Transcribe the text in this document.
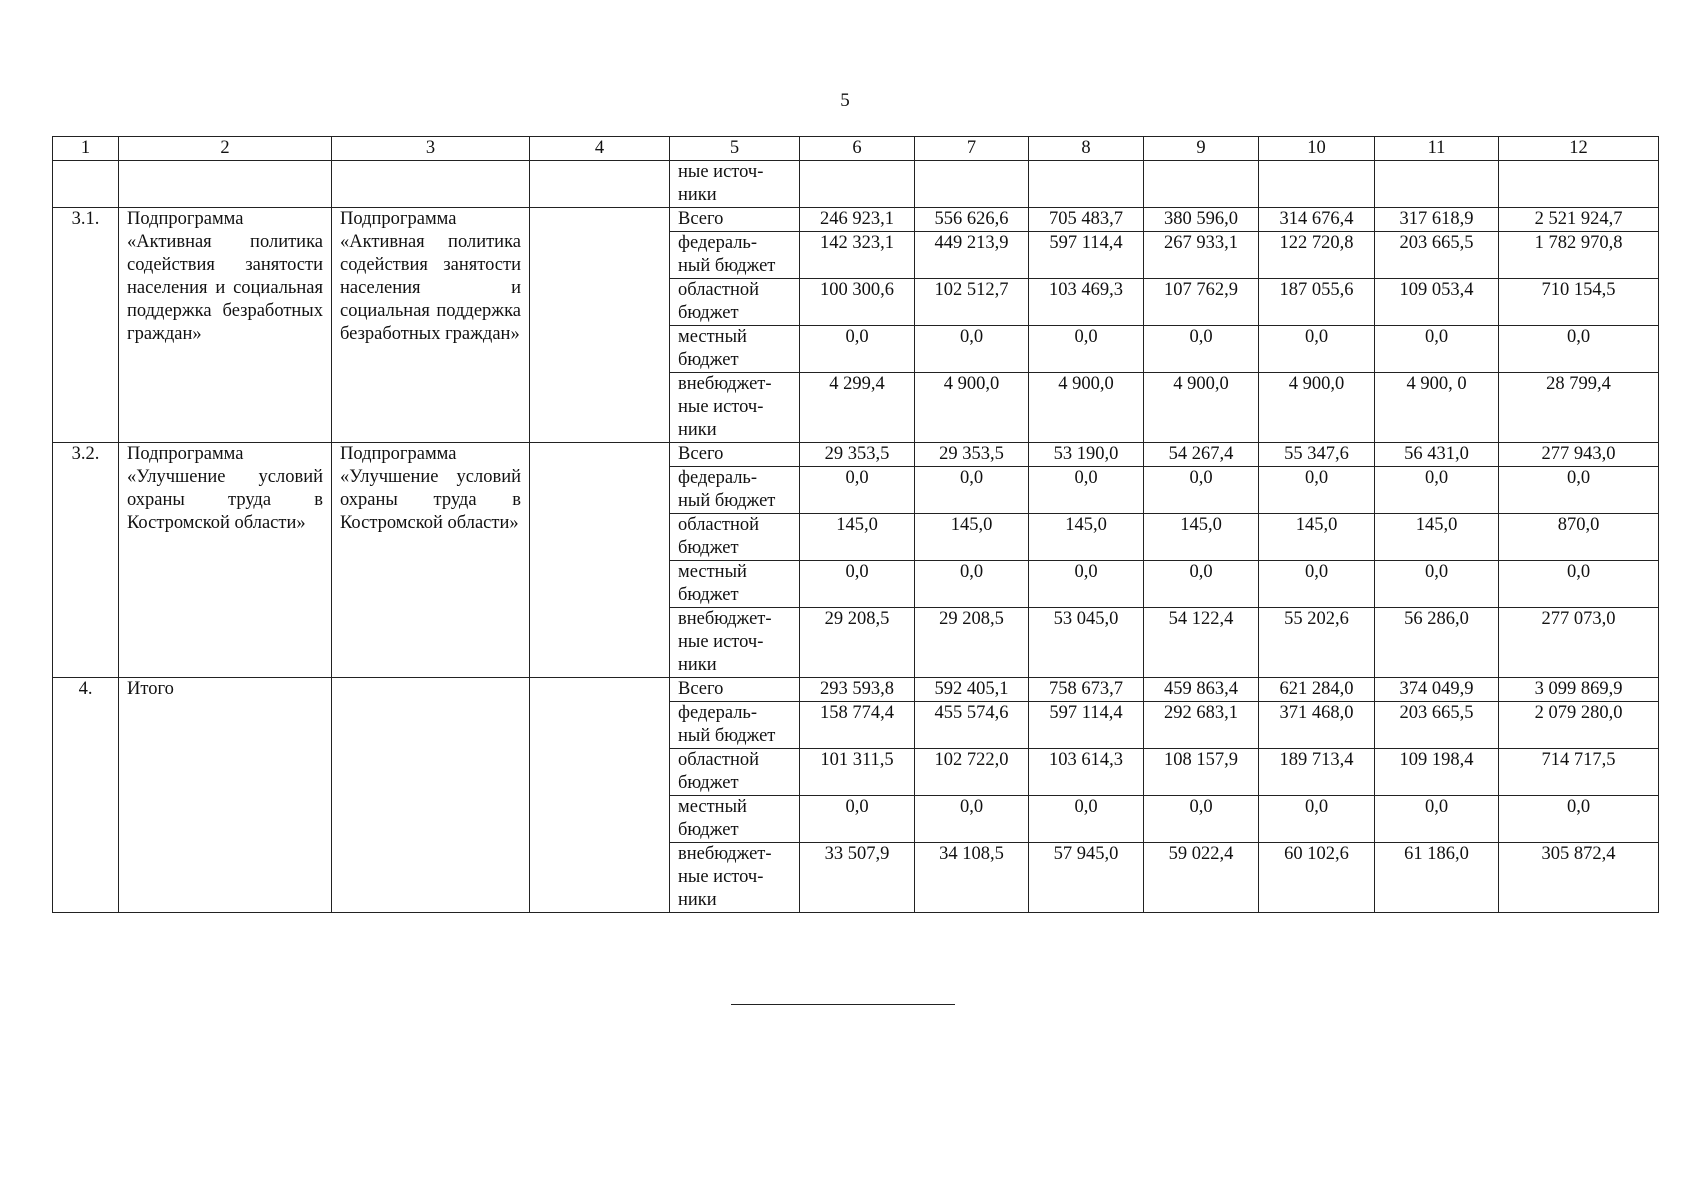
5
1	2	3	4	5	6	7	8	9	10	11	12

				ные источ-
ники							

3.1.	Подпрограмма «Активная политика содействия занятости населения и социальная поддержка безработных граждан»	Подпрограмма «Активная политика содействия занятости населения и социальная поддержка безработных граждан»		Всего	246 923,1	556 626,6	705 483,7	380 596,0	314 676,4	317 618,9	2 521 924,7

				федераль-
ный бюджет	142 323,1	449 213,9	597 114,4	267 933,1	122 720,8	203 665,5	1 782 970,8

				областной
бюджет	100 300,6	102 512,7	103 469,3	107 762,9	187 055,6	109 053,4	710 154,5

				местный
бюджет	0,0	0,0	0,0	0,0	0,0	0,0	0,0

				внебюджет-
ные источ-
ники	4 299,4	4 900,0	4 900,0	4 900,0	4 900,0	4 900, 0	28 799,4
3.2.	Подпрограмма «Улучшение условий охраны труда в Костромской области»	Подпрограмма «Улучшение условий охраны труда в Костромской области»		Всего	29 353,5	29 353,5	53 190,0	54 267,4	55 347,6	56 431,0	277 943,0

				федераль-
ный бюджет	0,0	0,0	0,0	0,0	0,0	0,0	0,0

				областной
бюджет	145,0	145,0	145,0	145,0	145,0	145,0	870,0

				местный
бюджет	0,0	0,0	0,0	0,0	0,0	0,0	0,0

				внебюджет-
ные источ-
ники	29 208,5	29 208,5	53 045,0	54 122,4	55 202,6	56 286,0	277 073,0
4.	Итого			Всего	293 593,8	592 405,1	758 673,7	459 863,4	621 284,0	374 049,9	3 099 869,9

				федераль-
ный бюджет	158 774,4	455 574,6	597 114,4	292 683,1	371 468,0	203 665,5	2 079 280,0

				областной
бюджет	101 311,5	102 722,0	103 614,3	108 157,9	189 713,4	109 198,4	714 717,5

				местный
бюджет	0,0	0,0	0,0	0,0	0,0	0,0	0,0

				внебюджет-
ные источ-
ники	33 507,9	34 108,5	57 945,0	59 022,4	60 102,6	61 186,0	305 872,4
